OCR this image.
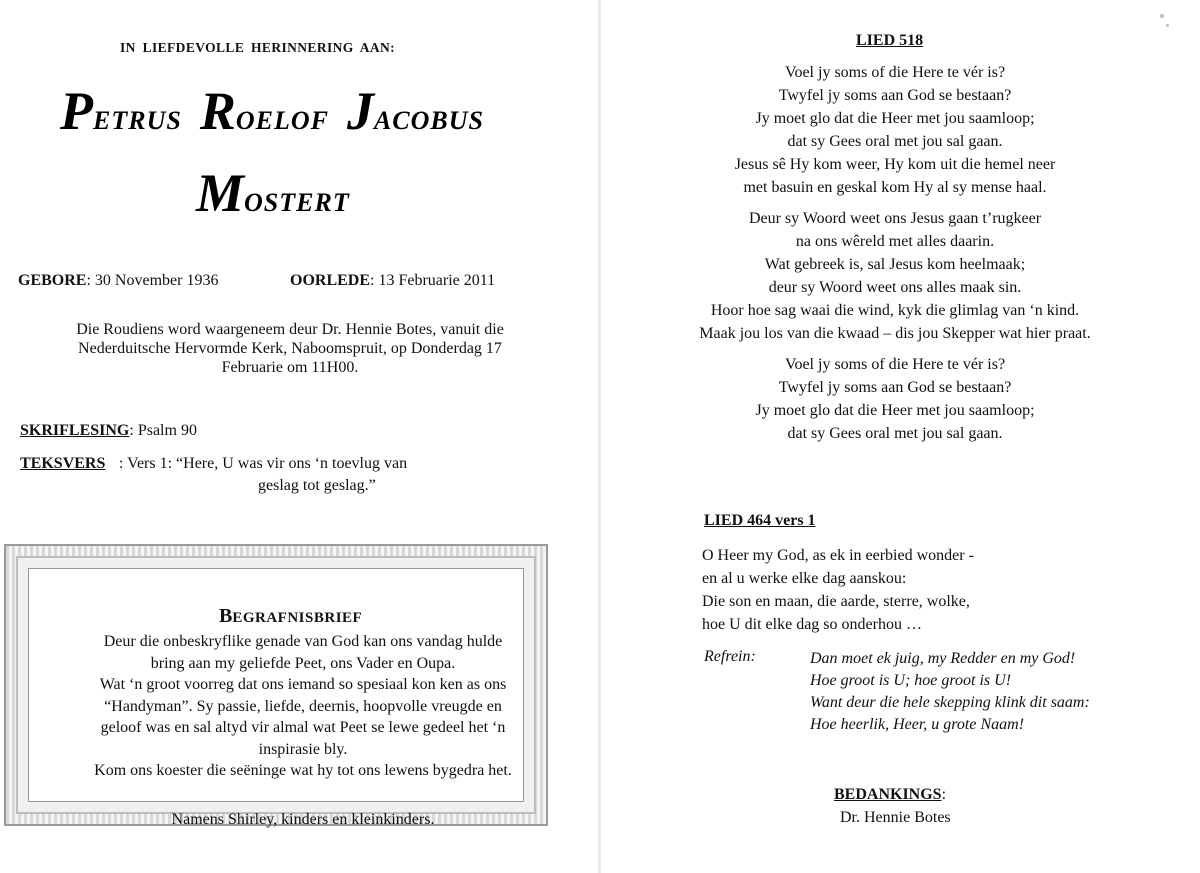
IN LIEFDEVOLLE HERINNERING AAN:
PETRUS ROELOF JACOBUS
MOSTERT
GEBORE: 30 November 1936	OORLEDE: 13 Februarie 2011
Die Roudiens word waargeneem deur Dr. Hennie Botes, vanuit die
Nederduitsche Hervormde Kerk, Naboomspruit, op Donderdag 17
Februarie om 11H00.
SKRIFLESING: Psalm 90
TEKSVERS : Vers 1: “Here, U was vir ons ‘n toevlug van
geslag tot geslag.”
BEGRAFNISBRIEF
Deur die onbeskryflike genade van God kan ons vandag hulde
bring aan my geliefde Peet, ons Vader en Oupa.
Wat ‘n groot voorreg dat ons iemand so spesiaal kon ken as ons
“Handyman”. Sy passie, liefde, deernis, hoopvolle vreugde en
geloof was en sal altyd vir almal wat Peet se lewe gedeel het ‘n
inspirasie bly.
Kom ons koester die seëninge wat hy tot ons lewens bygedra het.
Namens Shirley, kinders en kleinkinders.
LIED 518
Voel jy soms of die Here te vér is?
Twyfel jy soms aan God se bestaan?
Jy moet glo dat die Heer met jou saamloop;
dat sy Gees oral met jou sal gaan.
Jesus sê Hy kom weer, Hy kom uit die hemel neer
met basuin en geskal kom Hy al sy mense haal.
Deur sy Woord weet ons Jesus gaan t’rugkeer
na ons wêreld met alles daarin.
Wat gebreek is, sal Jesus kom heelmaak;
deur sy Woord weet ons alles maak sin.
Hoor hoe sag waai die wind, kyk die glimlag van ‘n kind.
Maak jou los van die kwaad – dis jou Skepper wat hier praat.
Voel jy soms of die Here te vér is?
Twyfel jy soms aan God se bestaan?
Jy moet glo dat die Heer met jou saamloop;
dat sy Gees oral met jou sal gaan.
LIED 464 vers 1
O Heer my God, as ek in eerbied wonder -
en al u werke elke dag aanskou:
Die son en maan, die aarde, sterre, wolke,
hoe U dit elke dag so onderhou …
Refrein:	Dan moet ek juig, my Redder en my God!
Hoe groot is U; hoe groot is U!
Want deur die hele skepping klink dit saam:
Hoe heerlik, Heer, u grote Naam!
BEDANKINGS:
Dr. Hennie Botes
